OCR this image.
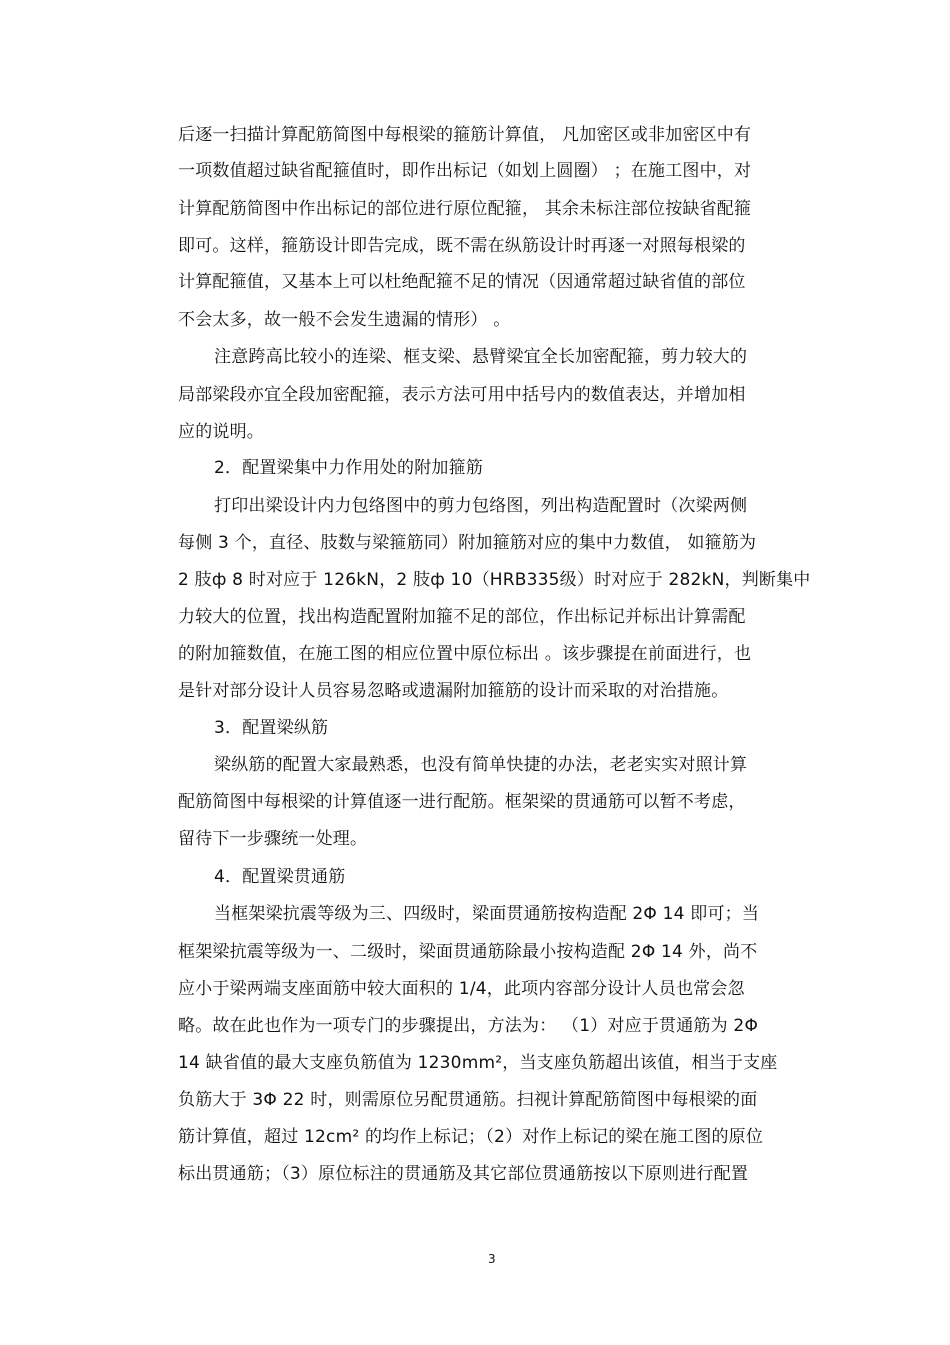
后逐一扫描计算配筋简图中每根梁的箍筋计算值， 凡加密区或非加密区中有
一项数值超过缺省配箍值时，即作出标记（如划上圆圈） ；在施工图中，对
计算配筋简图中作出标记的部位进行原位配箍， 其余未标注部位按缺省配箍
即可。这样，箍筋设计即告完成，既不需在纵筋设计时再逐一对照每根梁的
计算配箍值，又基本上可以杜绝配箍不足的情况（因通常超过缺省值的部位
不会太多，故一般不会发生遗漏的情形） 。
注意跨高比较小的连梁、框支梁、悬臂梁宜全长加密配箍，剪力较大的
局部梁段亦宜全段加密配箍，表示方法可用中括号内的数值表达，并增加相
应的说明。
2．配置梁集中力作用处的附加箍筋
打印出梁设计内力包络图中的剪力包络图，列出构造配置时（次梁两侧
每侧 3 个，直径、肢数与梁箍筋同）附加箍筋对应的集中力数值， 如箍筋为
2 肢ф 8 时对应于 126kN，2 肢ф 10（HRB335级）时对应于 282kN，判断集中
力较大的位置，找出构造配置附加箍不足的部位，作出标记并标出计算需配
的附加箍数值，在施工图的相应位置中原位标出 。该步骤提在前面进行，也
是针对部分设计人员容易忽略或遗漏附加箍筋的设计而采取的对治措施。
3．配置梁纵筋
梁纵筋的配置大家最熟悉，也没有简单快捷的办法，老老实实对照计算
配筋简图中每根梁的计算值逐一进行配筋。框架梁的贯通筋可以暂不考虑，
留待下一步骤统一处理。
4．配置梁贯通筋
当框架梁抗震等级为三、四级时，梁面贯通筋按构造配 2Φ 14 即可；当
框架梁抗震等级为一、二级时，梁面贯通筋除最小按构造配 2Φ 14 外，尚不
应小于梁两端支座面筋中较大面积的 1/4，此项内容部分设计人员也常会忽
略。故在此也作为一项专门的步骤提出，方法为： （1）对应于贯通筋为 2Φ
14 缺省值的最大支座负筋值为 1230mm²，当支座负筋超出该值，相当于支座
负筋大于 3Φ 22 时，则需原位另配贯通筋。扫视计算配筋简图中每根梁的面
筋计算值，超过 12cm² 的均作上标记；（2）对作上标记的梁在施工图的原位
标出贯通筋；（3）原位标注的贯通筋及其它部位贯通筋按以下原则进行配置
3
